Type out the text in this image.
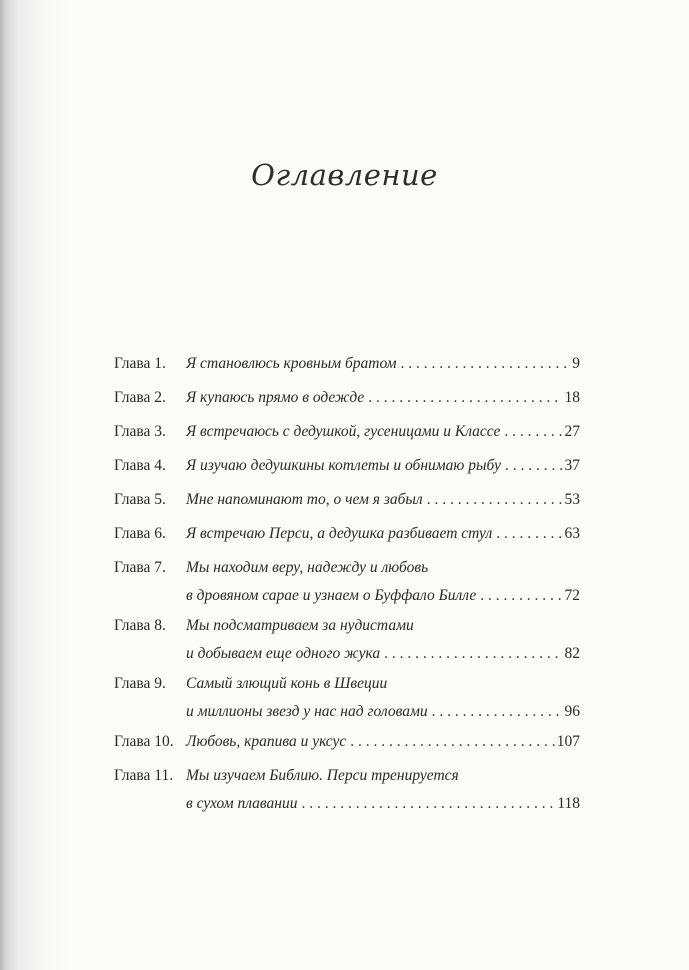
Оглавление
Глава 1.	Я становлюсь кровным братом . . .	9
Глава 2.	Я купаюсь прямо в одежде . . .	18
Глава 3.	Я встречаюсь с дедушкой, гусеницами и Классе . . .	27
Глава 4.	Я изучаю дедушкины котлеты и обнимаю рыбу . . .	37
Глава 5.	Мне напоминают то, о чем я забыл . . .	53
Глава 6.	Я встречаю Перси, а дедушка разбивает стул . . .	63
Глава 7.	Мы находим веру, надежду и любовь
в дровяном сарае и узнаем о Буффало Билле . . .	72
Глава 8.	Мы подсматриваем за нудистами
и добываем еще одного жука . . .	82
Глава 9.	Самый злющий конь в Швеции
и миллионы звезд у нас над головами . . .	96
Глава 10. Любовь, крапива и уксус . . .	107
Глава 11. Мы изучаем Библию. Перси тренируется
в сухом плавании . . .	118
